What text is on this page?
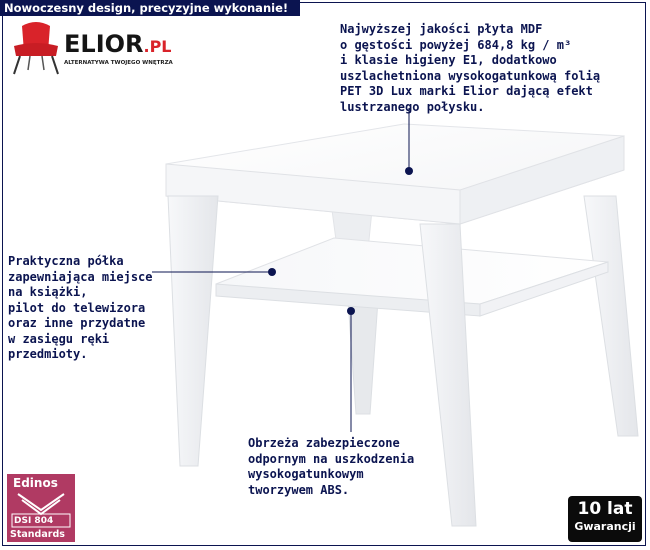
Nowoczesny design, precyzyjne wykonanie!
ELIOR.PL
ALTERNATYWA TWOJEGO WNĘTRZA
Najwyższej jakości płyta MDF
o gęstości powyżej 684,8 kg / m³
i klasie higieny E1, dodatkowo
uszlachetniona wysokogatunkową folią
PET 3D Lux marki Elior dającą efekt
lustrzanego połysku.
Praktyczna półka
zapewniająca miejsce
na książki,
pilot do telewizora
oraz inne przydatne
w zasięgu ręki
przedmioty.
Obrzeża zabezpieczone
odpornym na uszkodzenia
wysokogatunkowym
tworzywem ABS.
Edinos
DSI 804
Standards
10 lat
Gwarancji
